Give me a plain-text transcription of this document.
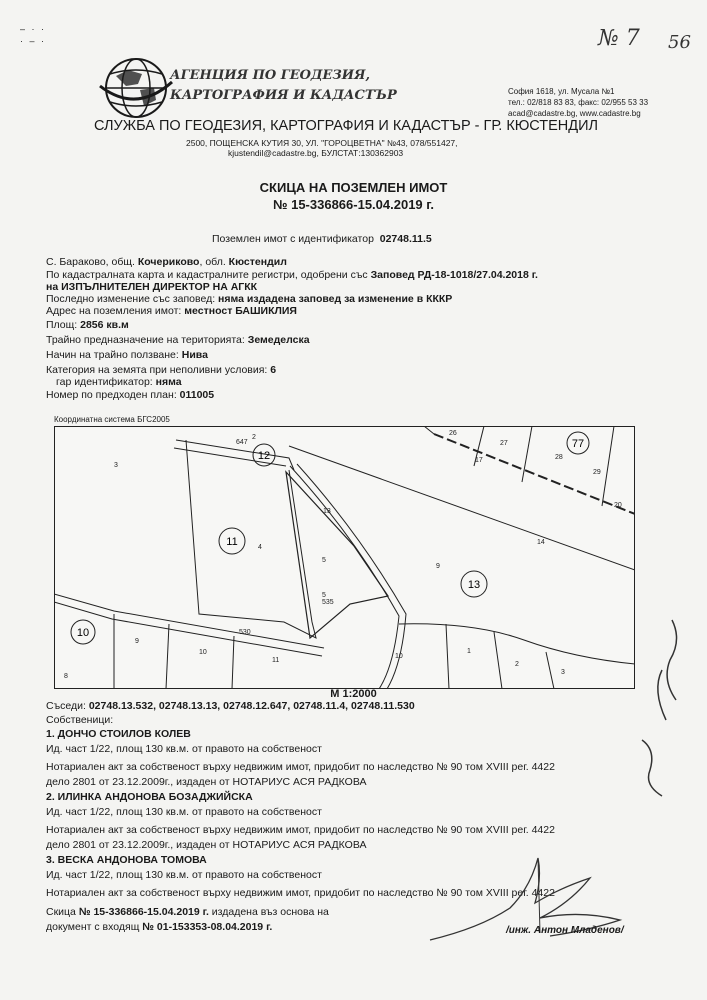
– · ·
· – ·	№ 7 56
АГЕНЦИЯ ПО ГЕОДЕЗИЯ,
КАРТОГРАФИЯ И КАДАСТЪР	София 1618, ул. Мусала №1
тел.: 02/818 83 83, факс: 02/955 53 33
acad@cadastre.bg, www.cadastre.bg
СЛУЖБА ПО ГЕОДЕЗИЯ, КАРТОГРАФИЯ И КАДАСТЪР - ГР. КЮСТЕНДИЛ
2500, ПОЩЕНСКА КУТИЯ 30, УЛ. "ГОРОЦВЕТНА" №43, 078/551427,
kjustendil@cadastre.bg, БУЛСТАТ:130362903
СКИЦА НА ПОЗЕМЛЕН ИМОТ
№ 15-336866-15.04.2019 г.
Поземлен имот с идентификатор 02748.11.5
С. Бараково, общ. Кочериково, обл. Кюстендил
По кадастралната карта и кадастралните регистри, одобрени със Заповед РД-18-1018/27.04.2018 г.
на ИЗПЪЛНИТЕЛЕН ДИРЕКТОР НА АГКК
Последно изменение със заповед: няма издадена заповед за изменение в КККР
Адрес на поземления имот: местност БАШИКЛИЯ
Площ: 2856 кв.м
Трайно предназначение на територията: Земеделска
Начин на трайно ползване: Нива
Категория на земята при неполивни условия: 6
гар идентификатор: няма
Номер по предходен план: 011005
Координатна система БГС2005
12
77
11
13
10
647
2
3
26
27
28
29
17
20
13
14
4
5
9
530
535
9
10
11
10
1
2
3
8
5
М 1:2000
Съседи: 02748.13.532, 02748.13.13, 02748.12.647, 02748.11.4, 02748.11.530
Собственици:
1. ДОНЧО СТОИЛОВ КОЛЕВ
Ид. част 1/22, площ 130 кв.м. от правото на собственост
Нотариален акт за собственост върху недвижим имот, придобит по наследство № 90 том XVIII рег. 4422
дело 2801 от 23.12.2009г., издаден от НОТАРИУС АСЯ РАДКОВА
2. ИЛИНКА АНДОНОВА БОЗАДЖИЙСКА
Ид. част 1/22, площ 130 кв.м. от правото на собственост
Нотариален акт за собственост върху недвижим имот, придобит по наследство № 90 том XVIII рег. 4422
дело 2801 от 23.12.2009г., издаден от НОТАРИУС АСЯ РАДКОВА
3. ВЕСКА АНДОНОВА ТОМОВА
Ид. част 1/22, площ 130 кв.м. от правото на собственост
Нотариален акт за собственост върху недвижим имот, придобит по наследство № 90 том XVIII рег. 4422
Скица № 15-336866-15.04.2019 г. издадена въз основа на
документ с входящ № 01-153353-08.04.2019 г.	/инж. Антон Младенов/
